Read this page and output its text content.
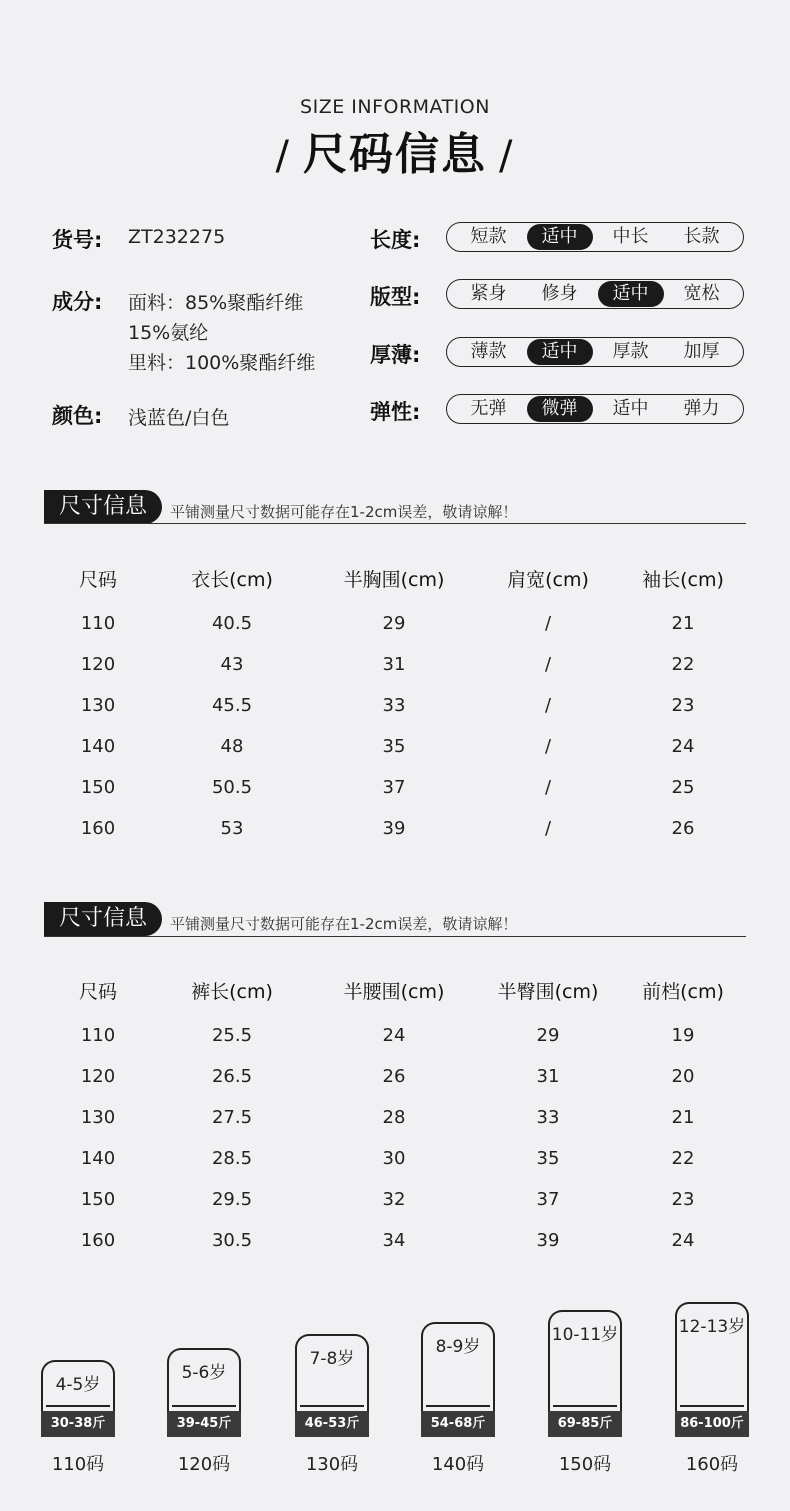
SIZE INFORMATION
/ 尺码信息 /
货号: ZT232275
成分: 面料：85%聚酯纤维
15%氨纶
里料：100%聚酯纤维
颜色: 浅蓝色/白色
长度:	短款	适中	中长	长款
版型:	紧身	修身	适中	宽松
厚薄:	薄款	适中	厚款	加厚
弹性:	无弹	微弹	适中	弹力
尺寸信息	平铺测量尺寸数据可能存在1-2cm误差，敬请谅解！
尺码	衣长(cm)	半胸围(cm)	肩宽(cm)	袖长(cm)
110	40.5	29	/	21
120	43	31	/	22
130	45.5	33	/	23
140	48	35	/	24
150	50.5	37	/	25
160	53	39	/	26
尺寸信息	平铺测量尺寸数据可能存在1-2cm误差，敬请谅解！
尺码	裤长(cm)	半腰围(cm)	半臀围(cm)	前档(cm)
110	25.5	24	29	19
120	26.5	26	31	20
130	27.5	28	33	21
140	28.5	30	35	22
150	29.5	32	37	23
160	30.5	34	39	24
4-5岁
30-38斤
110码
5-6岁
39-45斤
120码
7-8岁
46-53斤
130码
8-9岁
54-68斤
140码
10-11岁
69-85斤
150码
12-13岁
86-100斤
160码
